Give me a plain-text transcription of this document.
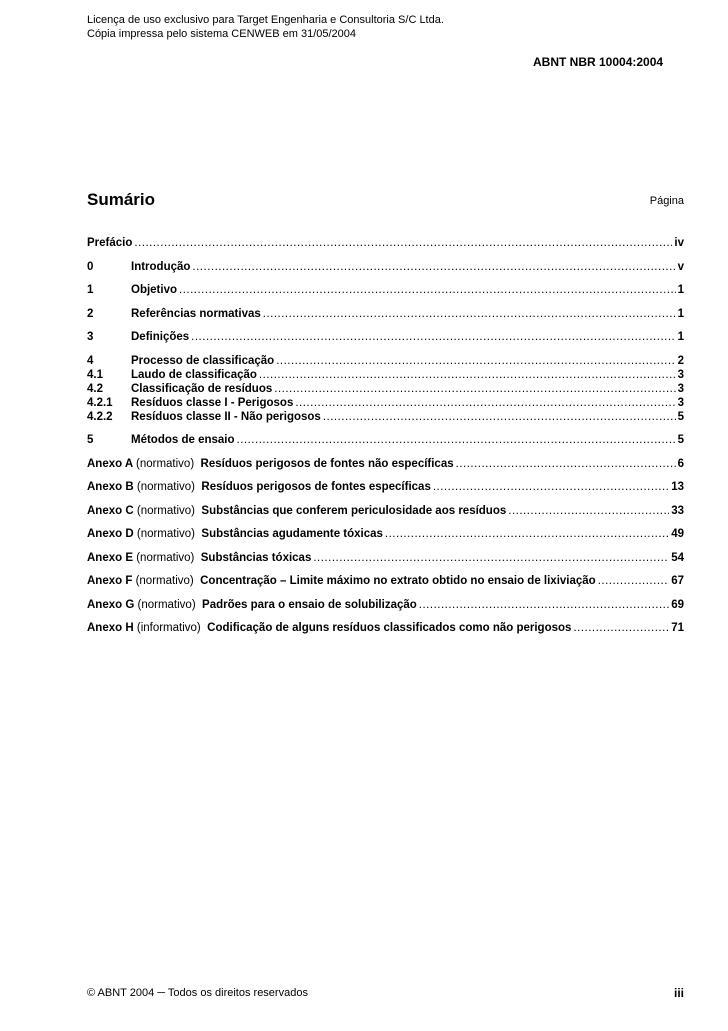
Licença de uso exclusivo para Target Engenharia e Consultoria S/C Ltda.
Cópia impressa pelo sistema CENWEB em 31/05/2004
ABNT NBR 10004:2004
Sumário	Página
Prefácio .....	iv
0	Introdução .....	v
1	Objetivo .....	1
2	Referências normativas .....	1
3	Definições .....	1
4	Processo de classificação .....	2
4.1	Laudo de classificação .....	3
4.2	Classificação de resíduos .....	3
4.2.1	Resíduos classe I - Perigosos .....	3
4.2.2	Resíduos classe II - Não perigosos .....	5
5	Métodos de ensaio .....	5
Anexo A (normativo) Resíduos perigosos de fontes não específicas .....	6
Anexo B (normativo) Resíduos perigosos de fontes específicas .....	13
Anexo C (normativo) Substâncias que conferem periculosidade aos resíduos .....	33
Anexo D (normativo) Substâncias agudamente tóxicas .....	49
Anexo E (normativo) Substâncias tóxicas .....	54
Anexo F (normativo) Concentração – Limite máximo no extrato obtido no ensaio de lixiviação .....	67
Anexo G (normativo) Padrões para o ensaio de solubilização .....	69
Anexo H (informativo) Codificação de alguns resíduos classificados como não perigosos .....	71
© ABNT 2004 ─ Todos os direitos reservados	iii
